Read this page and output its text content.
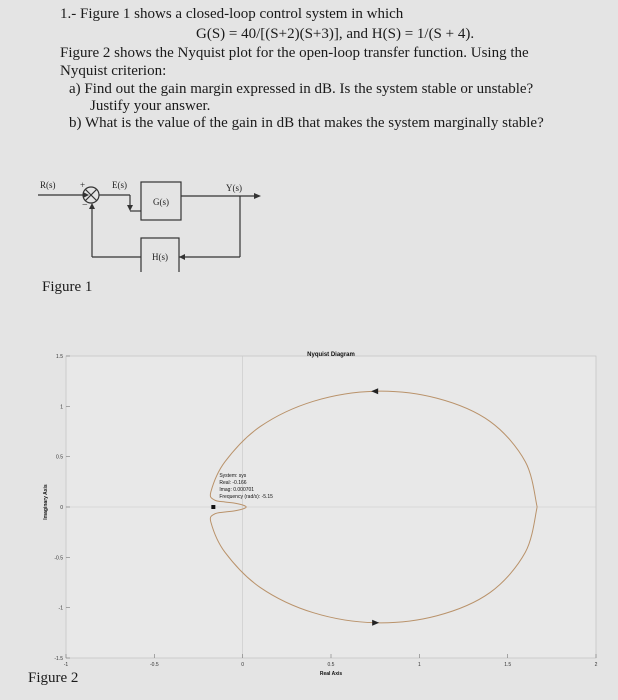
1.- Figure 1 shows a closed-loop control system in which

G(S) = 40/[(S+2)(S+3)], and H(S) = 1/(S + 4).

Figure 2 shows the Nyquist plot for the open-loop transfer function. Using the

Nyquist criterion:

a) Find out the gain margin expressed in dB. Is the system stable or unstable?

Justify your answer.

b) What is the value of the gain in dB that makes the system marginally stable?

R(s)	+	E(s)	Y(s)
−	G(s)
H(s)
Figure 1
-1	-0.5	0	0.5	1	1.5	2
-1.5
-1
-0.5
0
0.5
1
1.5
System: sys
Real: -0.166
Imag: 0.000701
Frequency (rad/s): -5.15
Nyquist Diagram
Real Axis
Imaginary Axis
Figure 2
